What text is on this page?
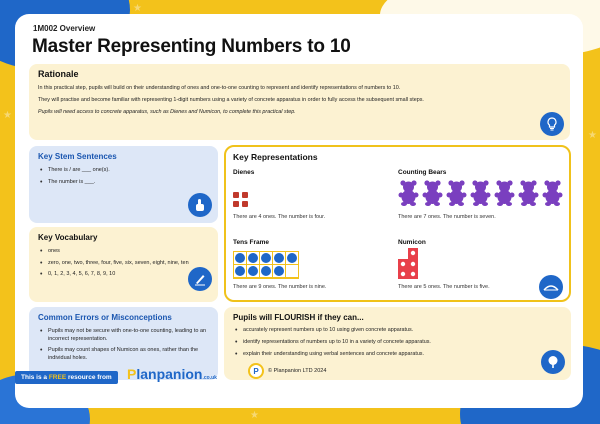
★
★
★
★
1M002 Overview
Master Representing Numbers to 10
Rationale

In this practical step, pupils will build on their understanding of ones and one-to-one counting to represent and identify representations of numbers to 10.

They will practise and become familiar with representing 1-digit numbers using a variety of concrete apparatus in order to fully access the subsequent small steps.

Pupils will need access to concrete apparatus, such as Dienes and Numicon, to complete this practical step.

Key Stem Sentences
• There is / are ___ one(s).
• The number is ___.
Key Vocabulary
• ones
• zero, one, two, three, four, five, six, seven, eight, nine, ten
• 0, 1, 2, 3, 4, 5, 6, 7, 8, 9, 10
Common Errors or Misconceptions
• Pupils may not be secure with one-to-one counting, leading to an incorrect representation.
• Pupils may count shapes of Numicon as ones, rather than the individual holes.
Key Representations
Dienes
There are 4 ones. The number is four.
Counting Bears
There are 7 ones. The number is seven.
Tens Frame
There are 9 ones. The number is nine.
Numicon
There are 5 ones. The number is five.
Pupils will FLOURISH if they can...
• accurately represent numbers up to 10 using given concrete apparatus.
• identify representations of numbers up to 10 in a variety of concrete apparatus.
• explain their understanding using verbal sentences and concrete apparatus.
This is a FREE resource from	Planpanion.co.uk
P	© Planpanion LTD 2024
